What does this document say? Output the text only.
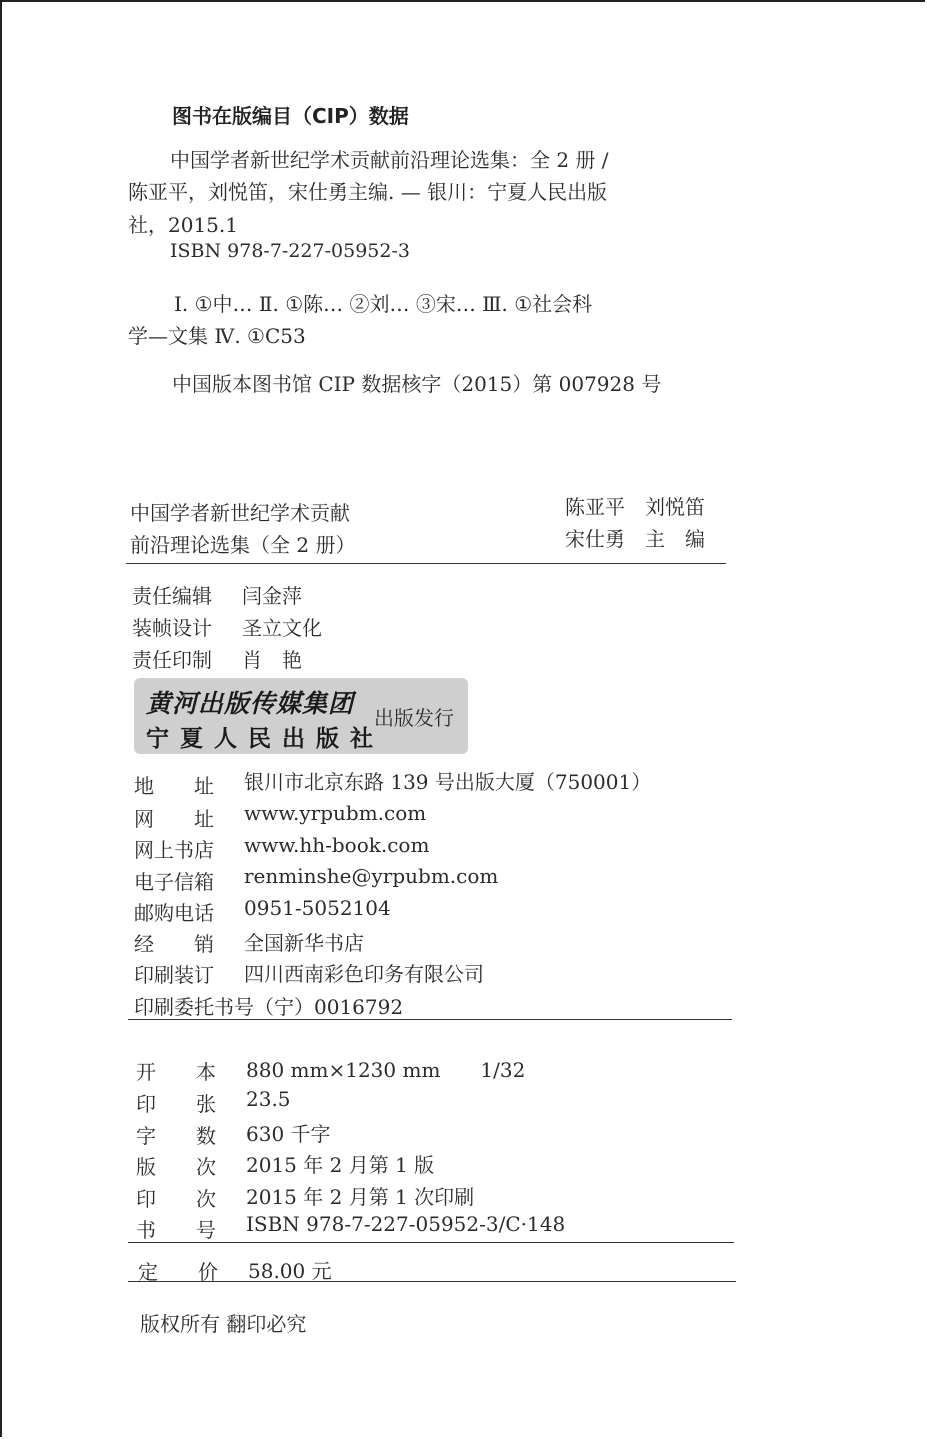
图书在版编目（CIP）数据
中国学者新世纪学术贡献前沿理论选集：全 2 册 /
陈亚平，刘悦笛，宋仕勇主编. — 银川：宁夏人民出版
社，2015.1
ISBN 978-7-227-05952-3
Ⅰ. ①中… Ⅱ. ①陈… ②刘… ③宋… Ⅲ. ①社会科
学—文集 Ⅳ. ①C53
中国版本图书馆 CIP 数据核字（2015）第 007928 号
中国学者新世纪学术贡献
前沿理论选集（全 2 册）
陈亚平　刘悦笛
宋仕勇　主　编
责任编辑 闫金萍
装帧设计 圣立文化
责任印制 肖　艳
黄河出版传媒集团
宁夏人民出版社
出版发行
地　　址 银川市北京东路 139 号出版大厦（750001）
网　　址 www.yrpubm.com
网上书店 www.hh-book.com
电子信箱 renminshe@yrpubm.com
邮购电话 0951-5052104
经　　销 全国新华书店
印刷装订 四川西南彩色印务有限公司
印刷委托书号（宁）0016792
开　　本 880 mm×1230 mm　　1/32
印　　张 23.5
字　　数 630 千字
版　　次 2015 年 2 月第 1 版
印　　次 2015 年 2 月第 1 次印刷
书　　号 ISBN 978-7-227-05952-3/C·148
定　　价 58.00 元
版权所有 翻印必究
